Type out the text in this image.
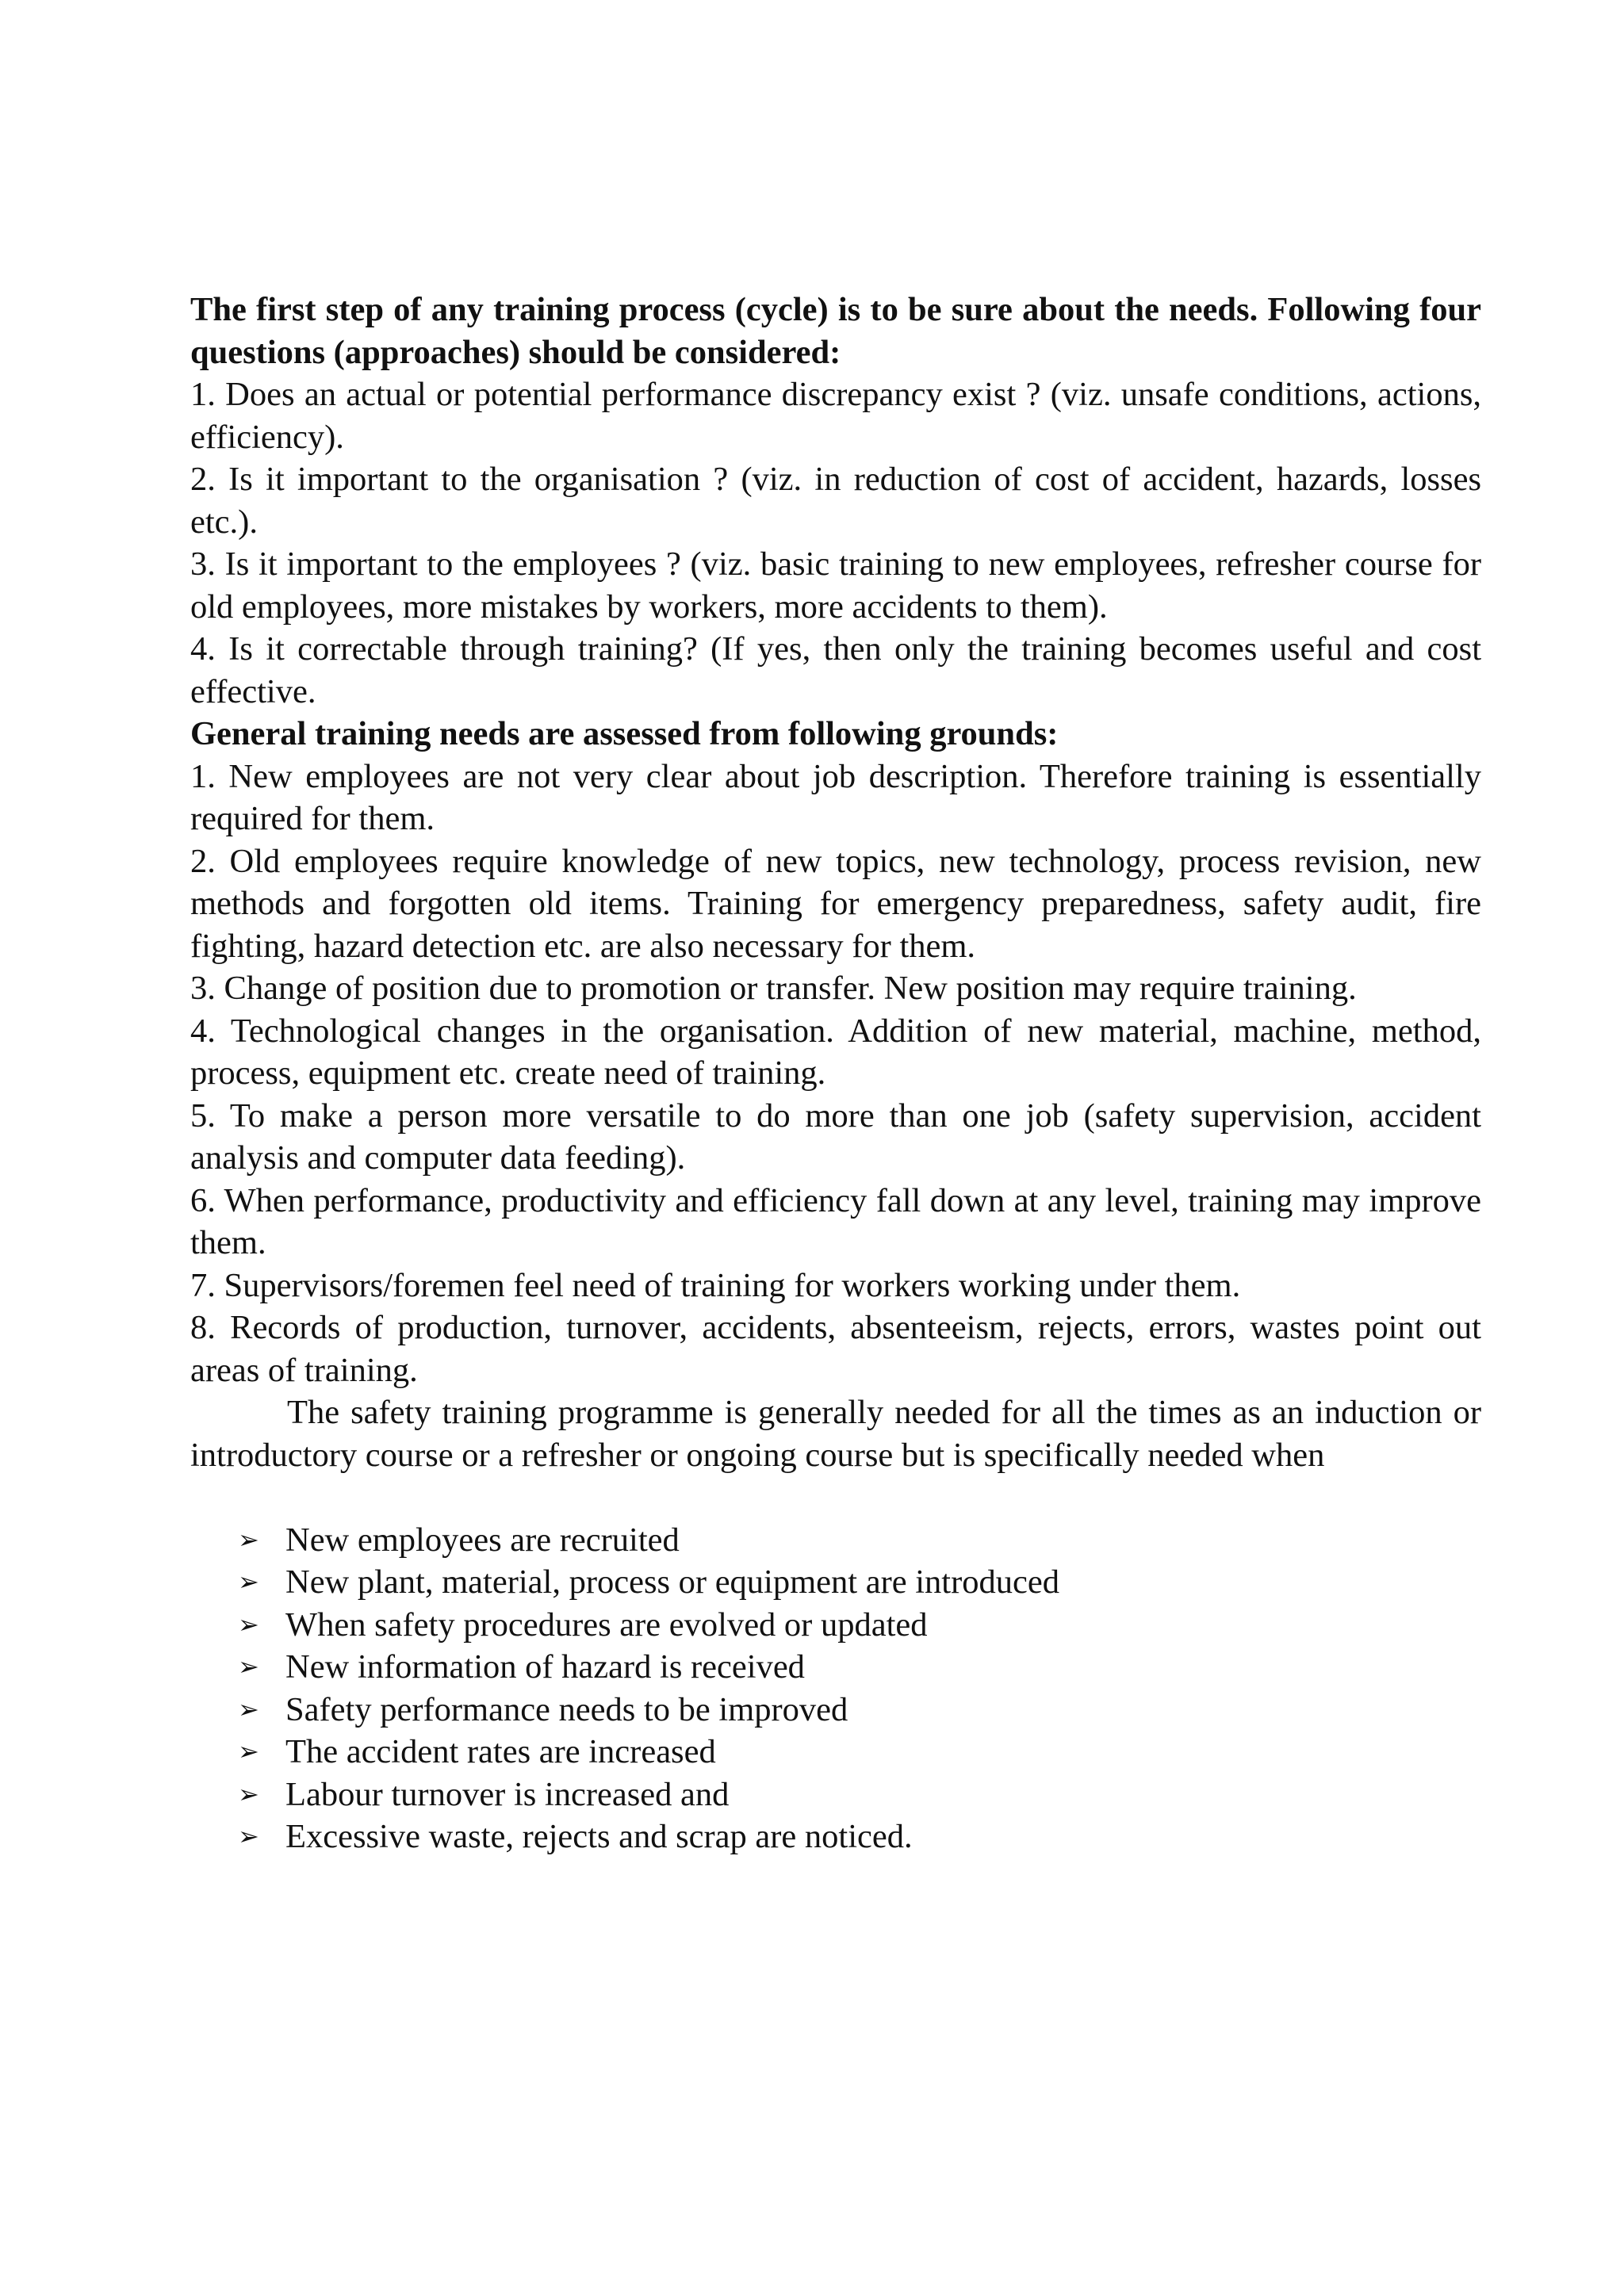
The first step of any training process (cycle) is to be sure about the needs. Following four questions (approaches) should be considered:

1. Does an actual or potential performance discrepancy exist ? (viz. unsafe conditions, actions, efficiency).

2. Is it important to the organisation ? (viz. in reduction of cost of accident, hazards, losses etc.).

3. Is it important to the employees ? (viz. basic training to new employees, refresher course for old employees, more mistakes by workers, more accidents to them).

4. Is it correctable through training? (If yes, then only the training becomes useful and cost effective.

General training needs are assessed from following grounds:

1. New employees are not very clear about job description. Therefore training is essentially required for them.

2. Old employees require knowledge of new topics, new technology, process revision, new methods and forgotten old items. Training for emergency preparedness, safety audit, fire fighting, hazard detection etc. are also necessary for them.

3. Change of position due to promotion or transfer. New position may require training.

4. Technological changes in the organisation. Addition of new material, machine, method, process, equipment etc. create need of training.

5. To make a person more versatile to do more than one job (safety supervision, accident analysis and computer data feeding).

6. When performance, productivity and efficiency fall down at any level, training may improve them.

7. Supervisors/foremen feel need of training for workers working under them.

8. Records of production, turnover, accidents, absenteeism, rejects, errors, wastes point out areas of training.

The safety training programme is generally needed for all the times as an induction or introductory course or a refresher or ongoing course but is specifically needed when

➢ New employees are recruited
➢ New plant, material, process or equipment are introduced
➢ When safety procedures are evolved or updated
➢ New information of hazard is received
➢ Safety performance needs to be improved
➢ The accident rates are increased
➢ Labour turnover is increased and
➢ Excessive waste, rejects and scrap are noticed.
